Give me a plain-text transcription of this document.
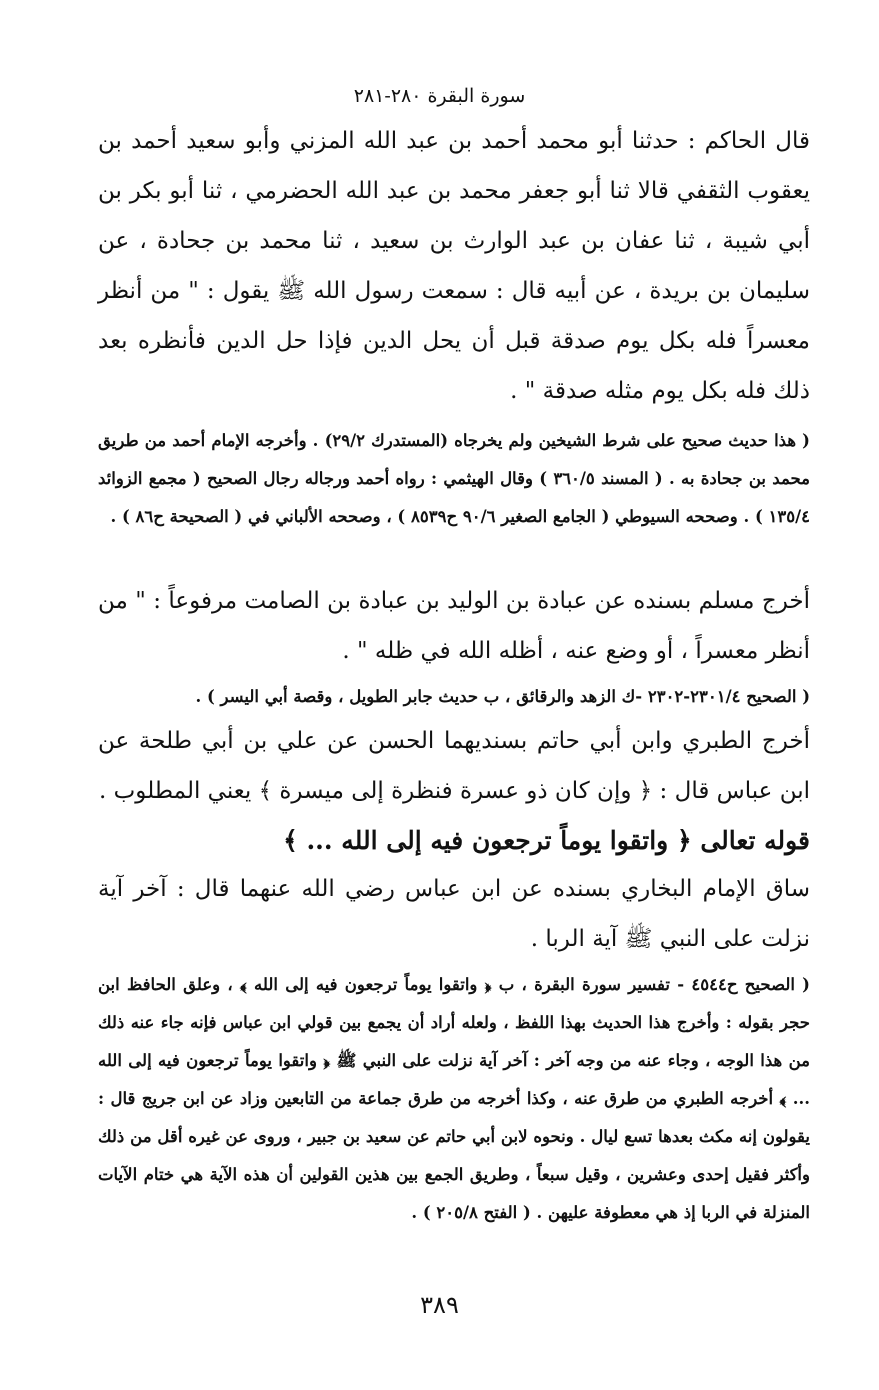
سورة البقرة ٢٨٠-٢٨١

قال الحاكم : حدثنا أبو محمد أحمد بن عبد الله المزني وأبو سعيد أحمد بن يعقوب الثقفي قالا ثنا أبو جعفر محمد بن عبد الله الحضرمي ، ثنا أبو بكر بن أبي شيبة ، ثنا عفان بن عبد الوارث بن سعيد ، ثنا محمد بن جحادة ، عن سليمان بن بريدة ، عن أبيه قال : سمعت رسول الله ﷺ يقول : " من أنظر معسراً فله بكل يوم صدقة قبل أن يحل الدين فإذا حل الدين فأنظره بعد ذلك فله بكل يوم مثله صدقة " .

( هذا حديث صحيح على شرط الشيخين ولم يخرجاه (المستدرك ٢٩/٢) . وأخرجه الإمام أحمد من طريق محمد بن جحادة به . ( المسند ٣٦٠/٥ ) وقال الهيثمي : رواه أحمد ورجاله رجال الصحيح ( مجمع الزوائد ١٣٥/٤ ) . وصححه السيوطي ( الجامع الصغير ٩٠/٦ ح٨٥٣٩ ) ، وصححه الألباني في ( الصحيحة ح٨٦ ) .

أخرج مسلم بسنده عن عبادة بن الوليد بن عبادة بن الصامت مرفوعاً : " من أنظر معسراً ، أو وضع عنه ، أظله الله في ظله " .

( الصحيح ٢٣٠١/٤-٢٣٠٢ -ك الزهد والرقائق ، ب حديث جابر الطويل ، وقصة أبي اليسر ) .

أخرج الطبري وابن أبي حاتم بسنديهما الحسن عن علي بن أبي طلحة عن ابن عباس قال : ﴿ وإن كان ذو عسرة فنظرة إلى ميسرة ﴾ يعني المطلوب .

قوله تعالى ﴿ واتقوا يوماً ترجعون فيه إلى الله ... ﴾

ساق الإمام البخاري بسنده عن ابن عباس رضي الله عنهما قال : آخر آية نزلت على النبي ﷺ آية الربا .

( الصحيح ح٤٥٤٤ - تفسير سورة البقرة ، ب ﴿ واتقوا يوماً ترجعون فيه إلى الله ﴾ ، وعلق الحافظ ابن حجر بقوله : وأخرج هذا الحديث بهذا اللفظ ، ولعله أراد أن يجمع بين قولي ابن عباس فإنه جاء عنه ذلك من هذا الوجه ، وجاء عنه من وجه آخر : آخر آية نزلت على النبي ﷺ ﴿ واتقوا يوماً ترجعون فيه إلى الله ... ﴾ أخرجه الطبري من طرق عنه ، وكذا أخرجه من طرق جماعة من التابعين وزاد عن ابن جريج قال : يقولون إنه مكث بعدها تسع ليال . ونحوه لابن أبي حاتم عن سعيد بن جبير ، وروى عن غيره أقل من ذلك وأكثر فقيل إحدى وعشرين ، وقيل سبعاً ، وطريق الجمع بين هذين القولين أن هذه الآية هي ختام الآيات المنزلة في الربا إذ هي معطوفة عليهن . ( الفتح ٢٠٥/٨ ) .

٣٨٩
